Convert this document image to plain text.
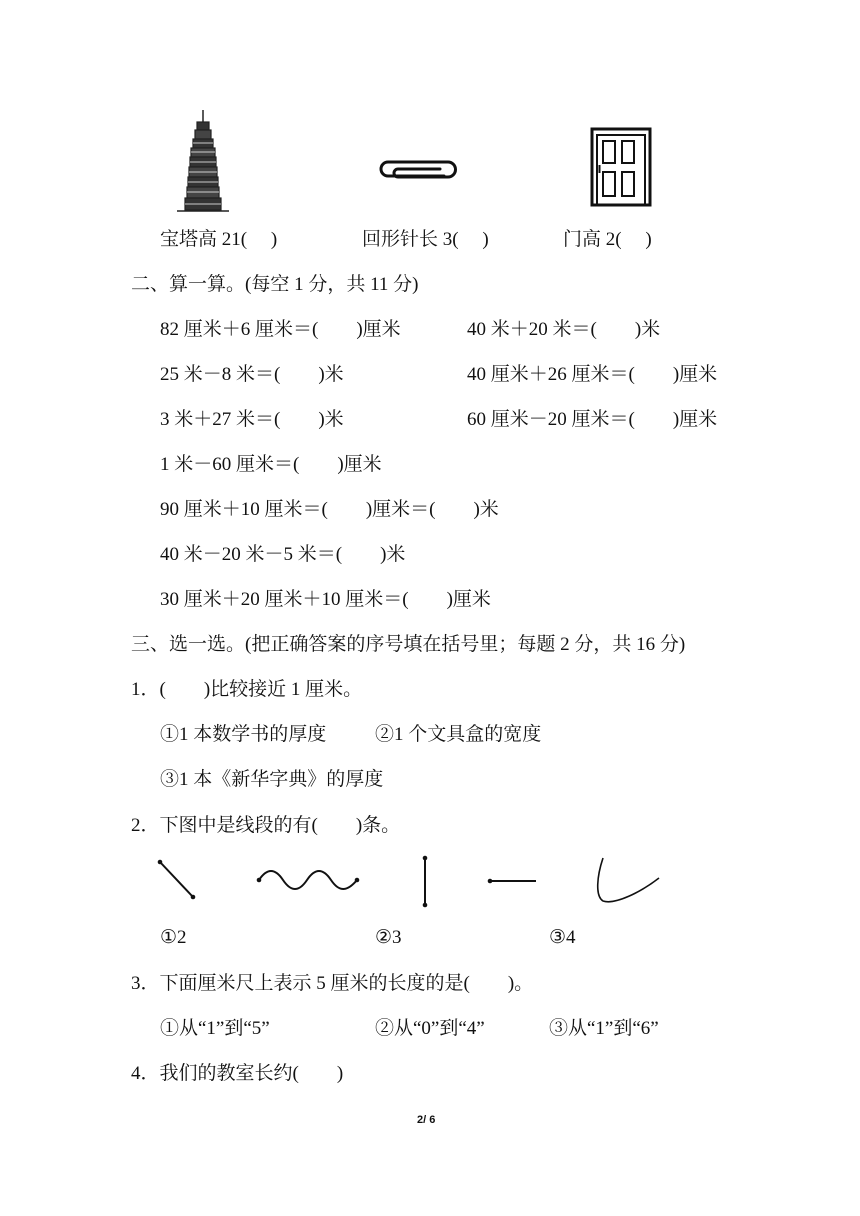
宝塔高 21(　 )	回形针长 3(　 )	门高 2(　 )
二、算一算。(每空 1 分，共 11 分)
82 厘米＋6 厘米＝(　　)厘米	40 米＋20 米＝(　　)米
25 米－8 米＝(　　)米	40 厘米＋26 厘米＝(　　)厘米
3 米＋27 米＝(　　)米	60 厘米－20 厘米＝(　　)厘米
1 米－60 厘米＝(　　)厘米
90 厘米＋10 厘米＝(　　)厘米＝(　　)米
40 米－20 米－5 米＝(　　)米
30 厘米＋20 厘米＋10 厘米＝(　　)厘米
三、选一选。(把正确答案的序号填在括号里；每题 2 分，共 16 分)
1．(　　)比较接近 1 厘米。
①1 本数学书的厚度	②1 个文具盒的宽度
③1 本《新华字典》的厚度
2．下图中是线段的有(　　)条。
①2	②3	③4
3．下面厘米尺上表示 5 厘米的长度的是(　　)。
①从“1”到“5”	②从“0”到“4”	③从“1”到“6”
4．我们的教室长约(　　)
2/ 6
